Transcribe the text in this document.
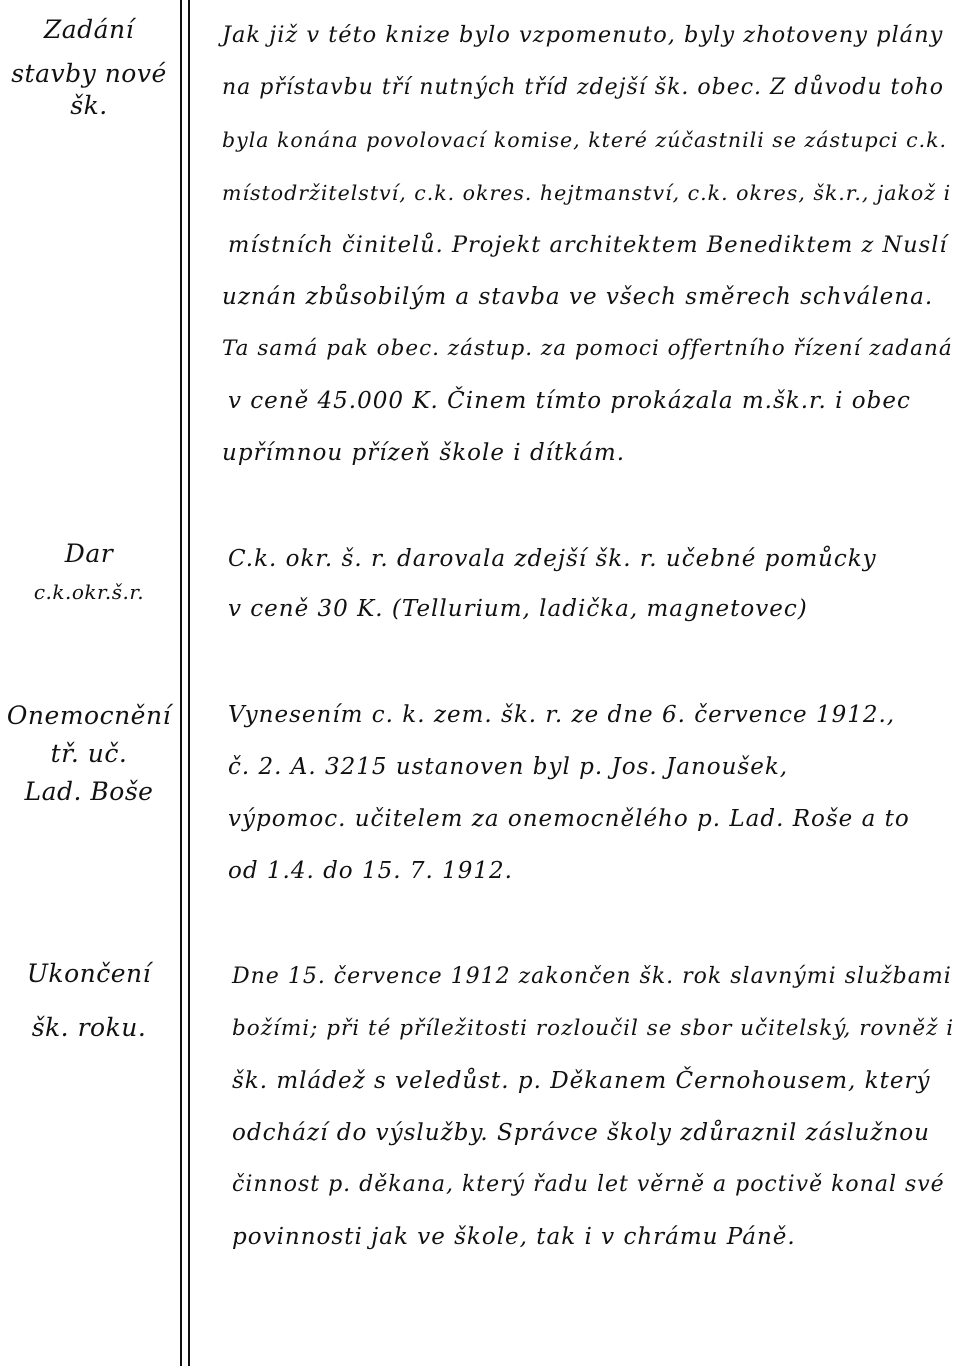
Zadání
stavby nové šk.
Jak již v této knize bylo vzpomenuto, byly zhotoveny plány
na přístavbu tří nutných tříd zdejší šk. obec. Z důvodu toho
byla konána povolovací komise, které zúčastnili se zástupci c.k.
místodržitelství, c.k. okres. hejtmanství, c.k. okres, šk.r., jakož i
místních činitelů. Projekt architektem Benediktem z Nuslí
uznán zbůsobilým a stavba ve všech směrech schválena.
Ta samá pak obec. zástup. za pomoci offertního řízení zadaná
v ceně 45.000 K. Činem tímto prokázala m.šk.r. i obec
upřímnou přízeň škole i dítkám.
Dar
c.k.okr.š.r.
C.k. okr. š. r. darovala zdejší šk. r. učebné pomůcky
v ceně 30 K. (Tellurium, ladička, magnetovec)
Onemocnění
tř. uč.
Lad. Boše
Vynesením c. k. zem. šk. r. ze dne 6. července 1912.,
č. 2. A. 3215 ustanoven byl p. Jos. Janoušek,
výpomoc. učitelem za onemocnělého p. Lad. Roše a to
od 1.4. do 15. 7. 1912.
Ukončení
šk. roku.
Dne 15. července 1912 zakončen šk. rok slavnými službami
božími; při té příležitosti rozloučil se sbor učitelský, rovněž i
šk. mládež s veledůst. p. Děkanem Černohousem, který
odchází do výslužby. Správce školy zdůraznil záslužnou
činnost p. děkana, který řadu let věrně a poctivě konal své
povinnosti jak ve škole, tak i v chrámu Páně.
